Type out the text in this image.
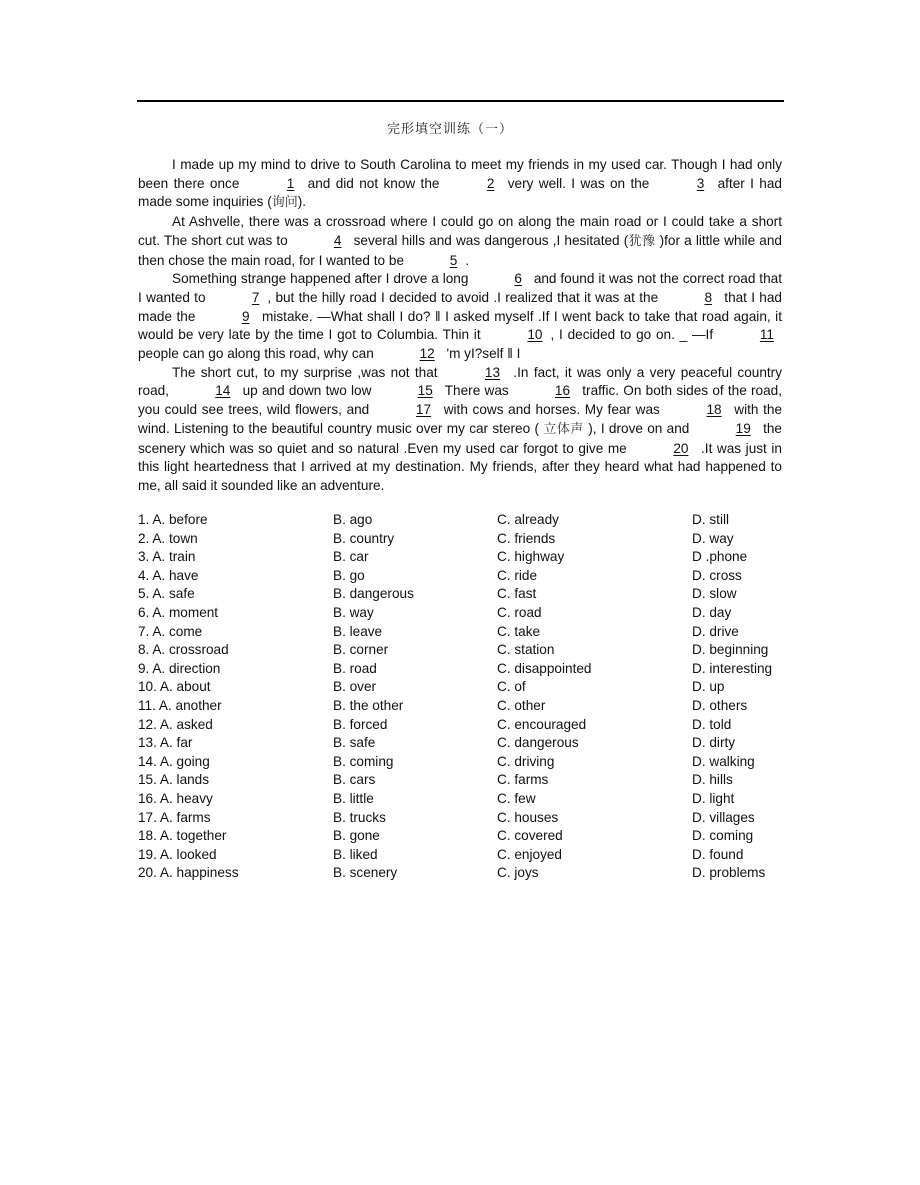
完形填空训练（一）

I made up my mind to drive to South Carolina to meet my friends in my used car. Though I had only been there once	1 and did not know the	2 very well. I was on the	3 after I had made some inquiries (询问).

At Ashvelle, there was a crossroad where I could go on along the main road or I could take a short cut. The short cut was to	4 several hills and was dangerous ,I hesitated (犹豫 )for a little while and then chose the main road, for I wanted to be	5 .

Something strange happened after I drove a long	6 and found it was not the correct road that I wanted to	7 , but the hilly road I decided to avoid .I realized that it was at the	8 that I had made the	9 mistake. —What shall I do? ‖ I asked myself .If I went back to take that road again, it would be very late by the time I got to Columbia. Thin it	10 , I decided to go on. _ —If	11 people can go along this road, why can	12 'm yI?self ‖ I

The short cut, to my surprise ,was not that	13 .In fact, it was only a very peaceful country road,	14 up and down two low	15 There was	16 traffic. On both sides of the road, you could see trees, wild flowers, and	17 with cows and horses. My fear was	18 with the wind. Listening to the beautiful country music over my car stereo ( 立体声 ), I drove on and	19 the scenery which was so quiet and so natural .Even my used car forgot to give me	20 .It was just in this light heartedness that I arrived at my destination. My friends, after they heard what had happened to me, all said it sounded like an adventure.

1. A. before	B. ago	C. already	D. still
2. A. town	B. country	C. friends	D. way
3. A. train	B. car	C. highway	D .phone
4. A. have	B. go	C. ride	D. cross
5. A. safe	B. dangerous	C. fast	D. slow
6. A. moment	B. way	C. road	D. day
7. A. come	B. leave	C. take	D. drive
8. A. crossroad	B. corner	C. station	D. beginning
9. A. direction	B. road	C. disappointed	D. interesting
10. A. about	B. over	C. of	D. up
11. A. another	B. the other	C. other	D. others
12. A. asked	B. forced	C. encouraged	D. told
13. A. far	B. safe	C. dangerous	D. dirty
14. A. going	B. coming	C. driving	D. walking
15. A. lands	B. cars	C. farms	D. hills
16. A. heavy	B. little	C. few	D. light
17. A. farms	B. trucks	C. houses	D. villages
18. A. together	B. gone	C. covered	D. coming
19. A. looked	B. liked	C. enjoyed	D. found
20. A. happiness	B. scenery	C. joys	D. problems
